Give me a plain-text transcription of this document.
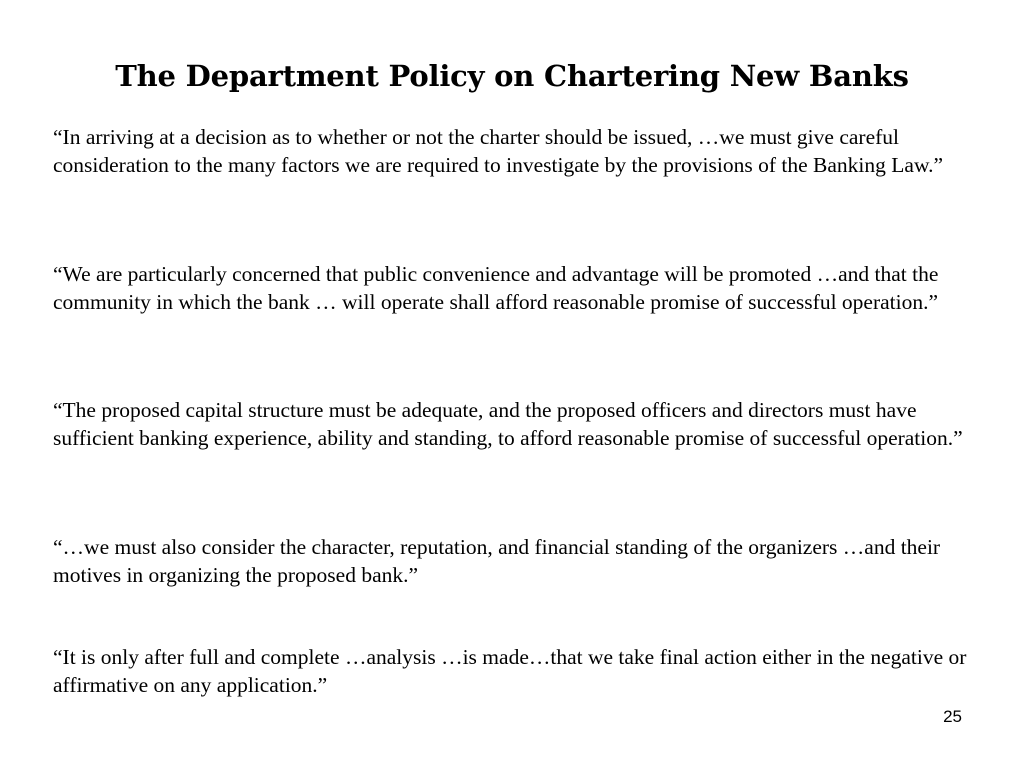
The Department Policy on Chartering New Banks

“In arriving at a decision as to whether or not the charter should be issued, …we must give careful consideration to the many factors we are required to investigate by the provisions of the Banking Law.”

“We are particularly concerned that public convenience and advantage will be promoted …and that the community in which the bank … will operate shall afford reasonable promise of successful operation.”

“The proposed capital structure must be adequate, and the proposed officers and directors must have sufficient banking experience, ability and standing, to afford reasonable promise of successful operation.”

“…we must also consider the character, reputation, and financial standing of the organizers …and their motives in organizing the proposed bank.”

“It is only after full and complete …analysis …is made…that we take final action either in the negative or affirmative on any application.”

25
